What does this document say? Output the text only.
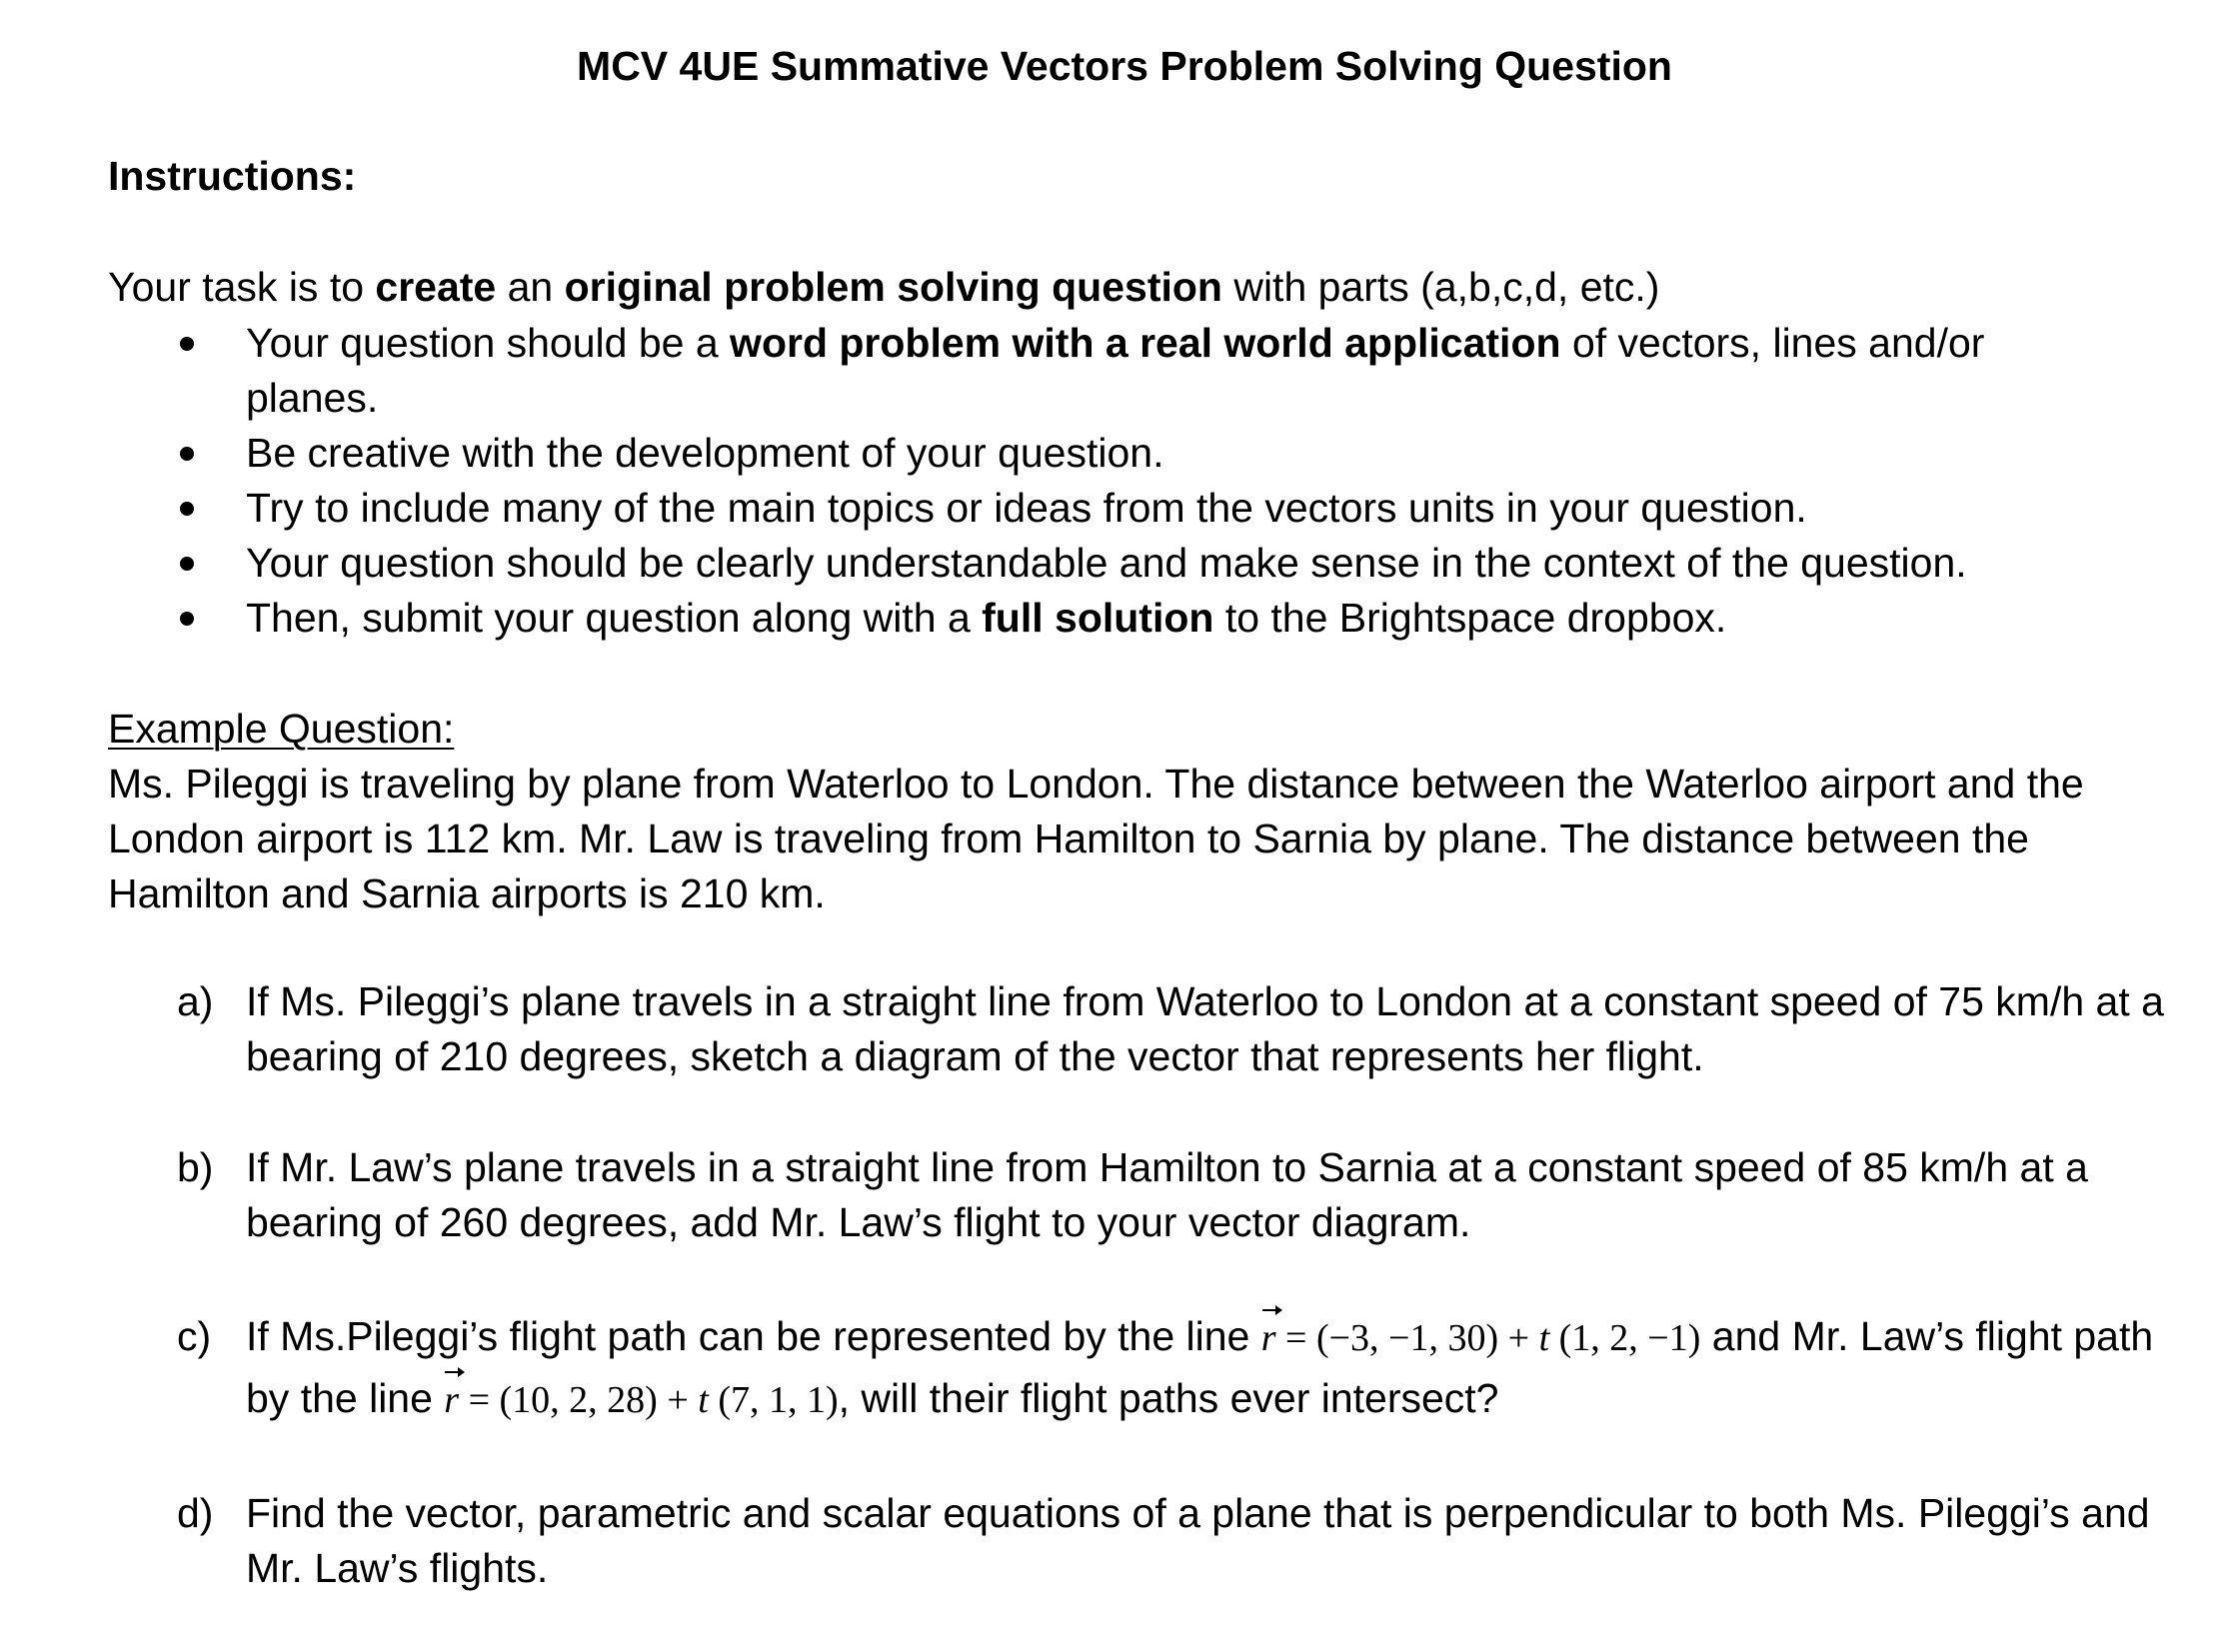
MCV 4UE Summative Vectors Problem Solving Question
Instructions:
Your task is to create an original problem solving question with parts (a,b,c,d, etc.)
Your question should be a word problem with a real world application of vectors, lines and/or planes.
Be creative with the development of your question.
Try to include many of the main topics or ideas from the vectors units in your question.
Your question should be clearly understandable and make sense in the context of the question.
Then, submit your question along with a full solution to the Brightspace dropbox.
Example Question:
Ms. Pileggi is traveling by plane from Waterloo to London. The distance between the Waterloo airport and the London airport is 112 km. Mr. Law is traveling from Hamilton to Sarnia by plane. The distance between the Hamilton and Sarnia airports is 210 km.
a) If Ms. Pileggi’s plane travels in a straight line from Waterloo to London at a constant speed of 75 km/h at a bearing of 210 degrees, sketch a diagram of the vector that represents her flight.
b) If Mr. Law’s plane travels in a straight line from Hamilton to Sarnia at a constant speed of 85 km/h at a bearing of 260 degrees, add Mr. Law’s flight to your vector diagram.
c) If Ms.Pileggi’s flight path can be represented by the line r = (−3, −1, 30) + t (1, 2, −1) and Mr. Law’s flight path by the line r = (10, 2, 28) + t (7, 1, 1), will their flight paths ever intersect?
d) Find the vector, parametric and scalar equations of a plane that is perpendicular to both Ms. Pileggi’s and Mr. Law’s flights.
